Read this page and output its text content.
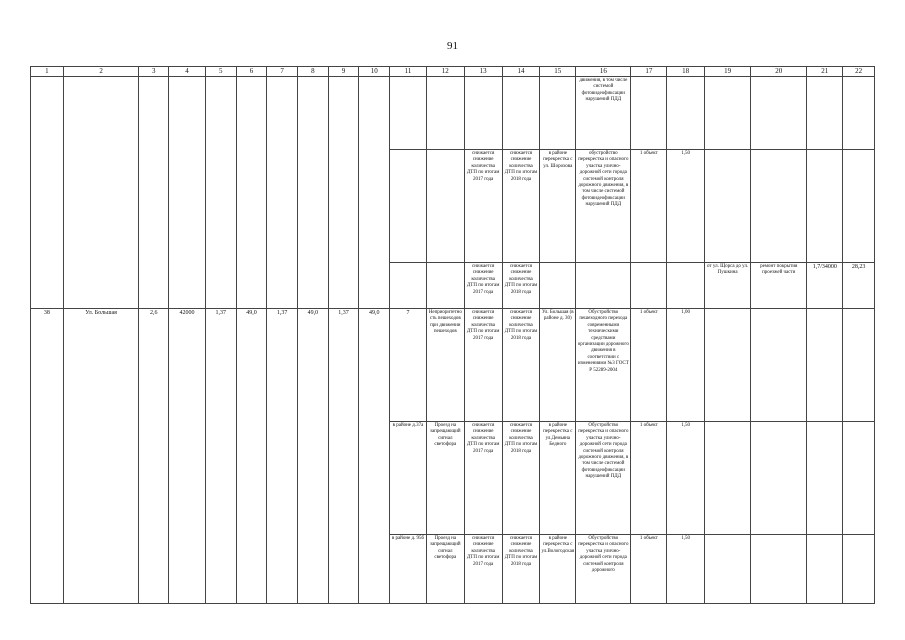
91
1	2	3	4	5	6	7	8	9	10	11	12	13	14	15	16	17	18	19	20	21	22
															движения, в том числе системой фотовидеофиксации нарушений ПДД						
												снижается снижение количества ДТП по итогам 2017 года	снижается снижение количества ДТП по итогам 2018 года	в районе перекрестка с ул. Шорохова	обустройство перекрестка и опасного участка улично-дорожной сети города системой контроля дорожного движения, в том числе системой фотовидеофиксации нарушений ПДД	1 объект	1,50				
												снижается снижение количества ДТП по итогам 2017 года	снижается снижение количества ДТП по итогам 2018 года					от ул. Щорса до ул. Пушкина	ремонт покрытия проезжей части	1,7/34000	28,23
38	Ул. Большая	2,6	42000	1,37	49,0	1,37	49,0	1,37	49,0	7	Неприоритетность пешеходов при движении пешеходов	снижается снижение количества ДТП по итогам 2017 года	снижается снижение количества ДТП по итогам 2018 года	Ул. Большая (в районе д. 30)	Обустройство пешеходного перехода современными техническими средствами организации дорожного движения в соответствии с изменениями №3 ГОСТ Р 52289-2004	1 объект	1,00				
										в районе д.37а	Проезд на запрещающий сигнал светофора	снижается снижение количества ДТП по итогам 2017 года	снижается снижение количества ДТП по итогам 2018 года	в районе перекрестка с ул.Демьяна Бедного	Обустройство перекрестка и опасного участка улично-дорожной сети города системой контроля дорожного движения, в том числе системой фотовидеофиксации нарушений ПДД	1 объект	1,50				
										в районе д. 95б	Проезд на запрещающий сигнал светофора	снижается снижение количества ДТП по итогам 2017 года	снижается снижение количества ДТП по итогам 2018 года	в районе перекрестка с ул.Вологодская	Обустройство перекрестка и опасного участка улично-дорожной сети города системой контроля дорожного	1 объект	1,50				
